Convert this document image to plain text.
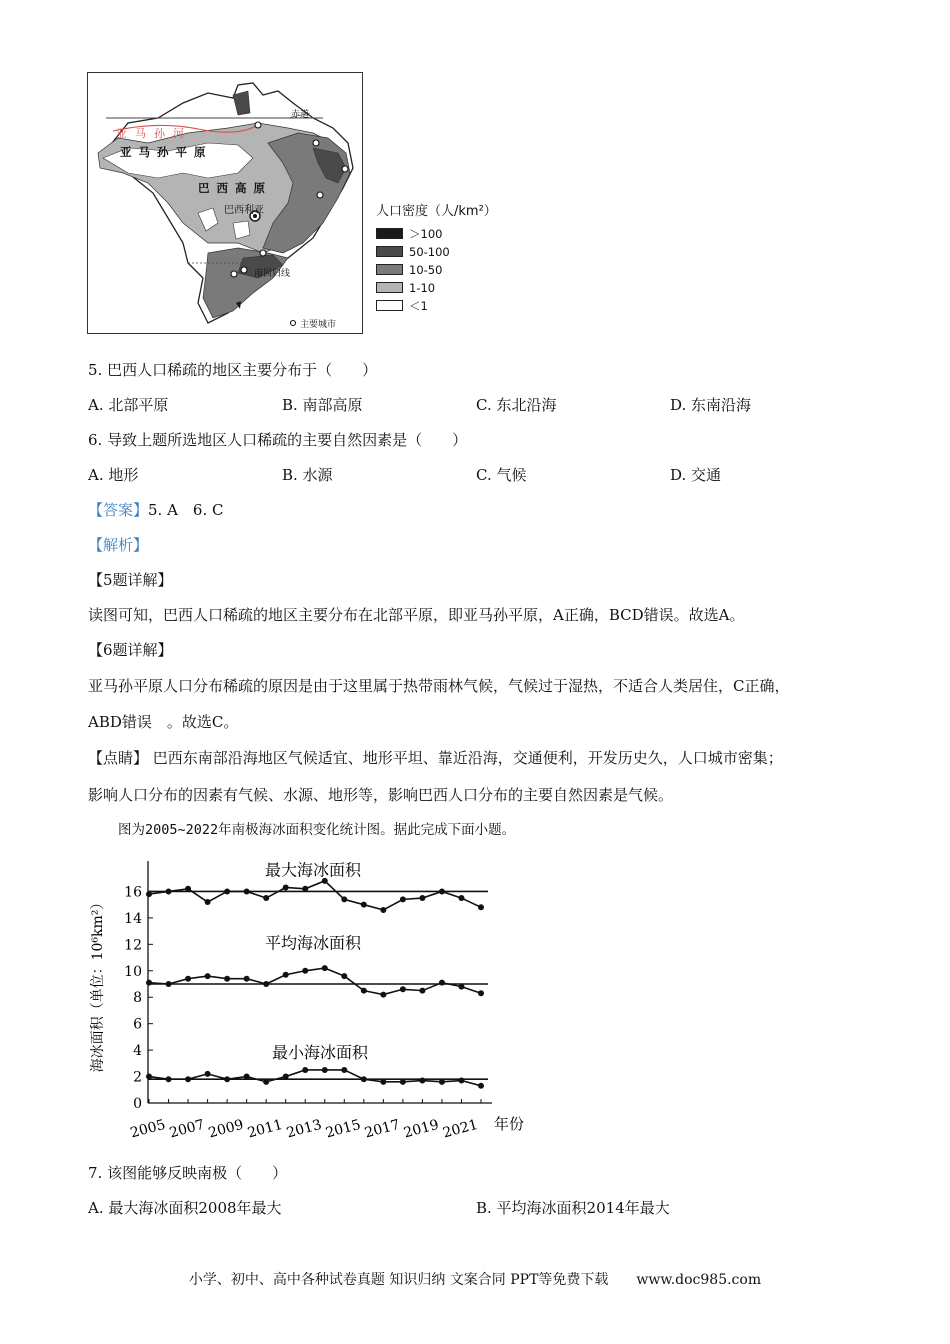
赤道
亚马孙河
亚马孙平原
巴西高原
巴西利亚
南回归线
主要城市
人口密度（人/km²）
＞100
50-100
10-50
1-10
＜1
5. 巴西人口稀疏的地区主要分布于（　　）
A. 北部平原	B. 南部高原	C. 东北沿海	D. 东南沿海
6. 导致上题所选地区人口稀疏的主要自然因素是（　　）
A. 地形	B. 水源	C. 气候	D. 交通
【答案】5. A　6. C
【解析】
【5题详解】
读图可知，巴西人口稀疏的地区主要分布在北部平原，即亚马孙平原，A正确，BCD错误。故选A。
【6题详解】
亚马孙平原人口分布稀疏的原因是由于这里属于热带雨林气候，气候过于湿热，不适合人类居住，C正确，
ABD错误　。故选C。
【点睛】 巴西东南部沿海地区气候适宜、地形平坦、靠近沿海，交通便利，开发历史久，人口城市密集；
影响人口分布的因素有气候、水源、地形等，影响巴西人口分布的主要自然因素是气候。
图为2005~2022年南极海冰面积变化统计图。据此完成下面小题。
0
2
4
6
8
10
12
14
16
2005 2007 2009 2011 2013 2015 2017 2019 2021 年份
海冰面积（单位：10⁶km²）
最大海冰面积
平均海冰面积
最小海冰面积
7. 该图能够反映南极（　　）
A. 最大海冰面积2008年最大	B. 平均海冰面积2014年最大
小学、初中、高中各种试卷真题 知识归纳 文案合同 PPT等免费下载　　www.doc985.com
